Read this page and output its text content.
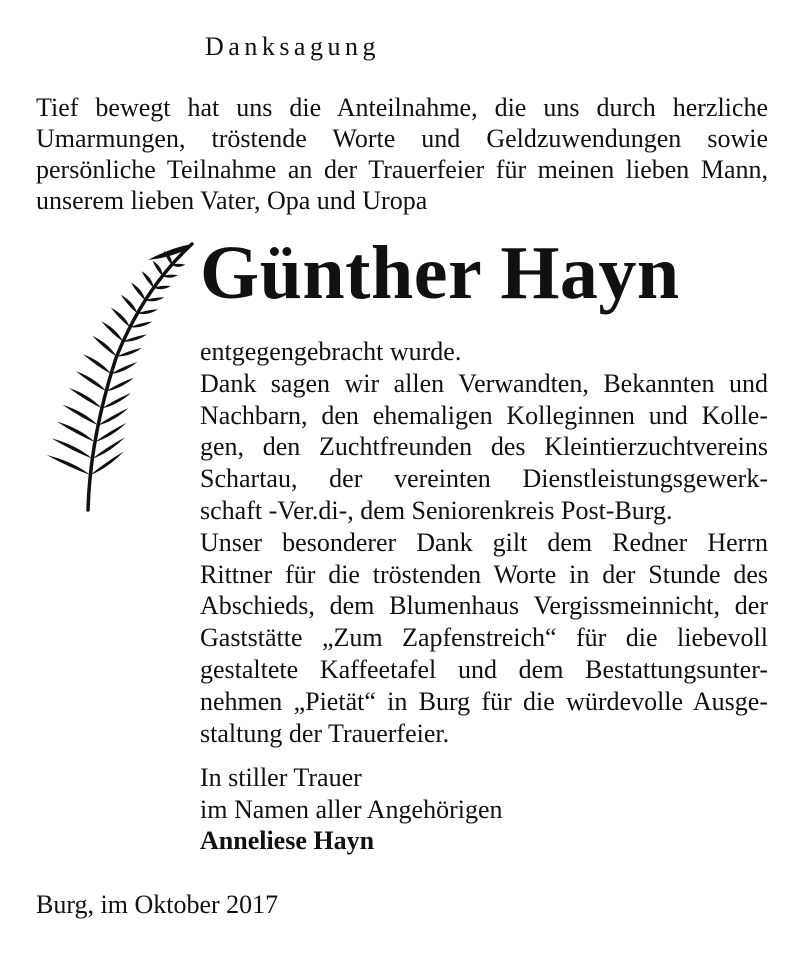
Danksagung
Tief bewegt hat uns die Anteilnahme, die uns durch herzliche
Umarmungen, tröstende Worte und Geldzuwendungen sowie
persönliche Teilnahme an der Trauerfeier für meinen lieben Mann,
unserem lieben Vater, Opa und Uropa
Günther Hayn
entgegengebracht wurde.
Dank sagen wir allen Verwandten, Bekannten und
Nachbarn, den ehemaligen Kolleginnen und Kolle-
gen, den Zuchtfreunden des Kleintierzuchtvereins
Schartau, der vereinten Dienstleistungsgewerk-
schaft -Ver.di-, dem Seniorenkreis Post-Burg.
Unser besonderer Dank gilt dem Redner Herrn
Rittner für die tröstenden Worte in der Stunde des
Abschieds, dem Blumenhaus Vergissmeinnicht, der
Gaststätte „Zum Zapfenstreich“ für die liebevoll
gestaltete Kaffeetafel und dem Bestattungsunter-
nehmen „Pietät“ in Burg für die würdevolle Ausge-
staltung der Trauerfeier.
In stiller Trauer
im Namen aller Angehörigen
Anneliese Hayn
Burg, im Oktober 2017
